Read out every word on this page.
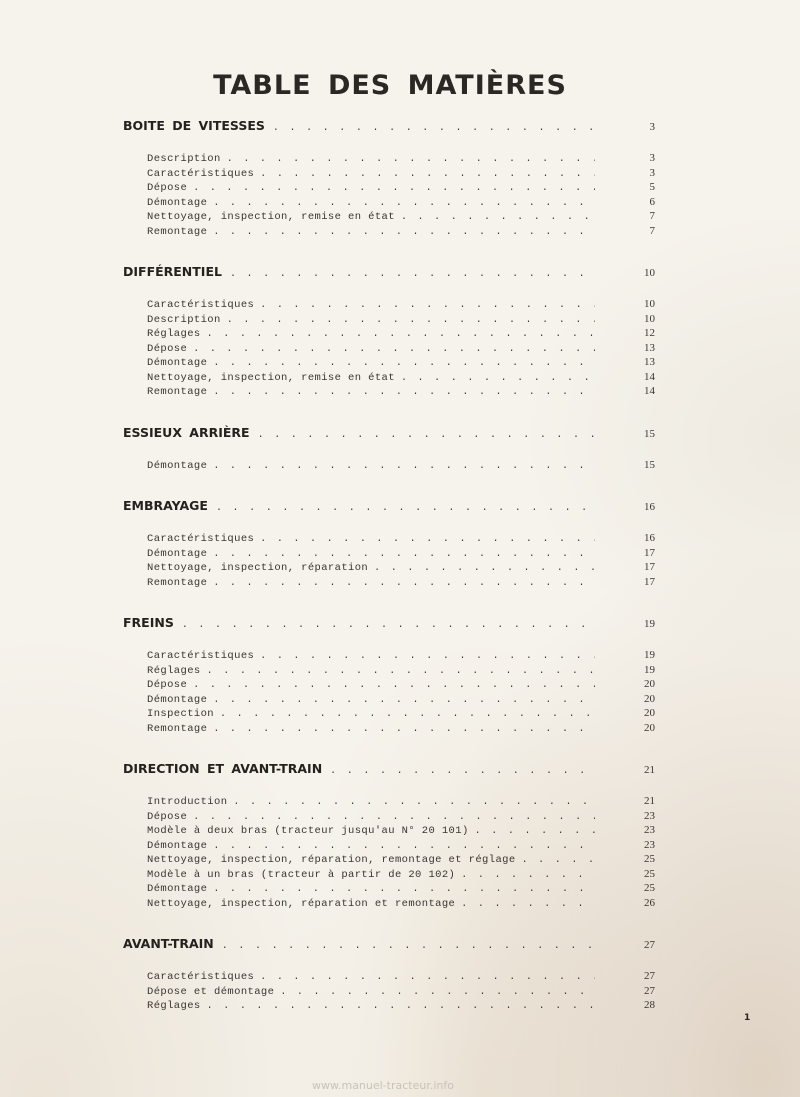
TABLE DES MATIÈRES
BOITE DE VITESSES . . .	3
Description . . .	3
Caractéristiques . . .	3
Dépose . . .	5
Démontage . . .	6
Nettoyage, inspection, remise en état . . .	7
Remontage . . .	7
DIFFÉRENTIEL . . .	10
Caractéristiques . . .	10
Description . . .	10
Réglages . . .	12
Dépose . . .	13
Démontage . . .	13
Nettoyage, inspection, remise en état . . .	14
Remontage . . .	14
ESSIEUX ARRIÈRE . . .	15
Démontage . . .	15
EMBRAYAGE . . .	16
Caractéristiques . . .	16
Démontage . . .	17
Nettoyage, inspection, réparation . . .	17
Remontage . . .	17
FREINS . . .	19
Caractéristiques . . .	19
Réglages . . .	19
Dépose . . .	20
Démontage . . .	20
Inspection . . .	20
Remontage . . .	20
DIRECTION ET AVANT-TRAIN . . .	21
Introduction . . .	21
Dépose . . .	23
Modèle à deux bras (tracteur jusqu'au N° 20 101) . . .	23
Démontage . . .	23
Nettoyage, inspection, réparation, remontage et réglage . . .	25
Modèle à un bras (tracteur à partir de 20 102) . . .	25
Démontage . . .	25
Nettoyage, inspection, réparation et remontage . . .	26
AVANT-TRAIN . . .	27
Caractéristiques . . .	27
Dépose et démontage . . .	27
Réglages . . .	28
1
www.manuel-tracteur.info
